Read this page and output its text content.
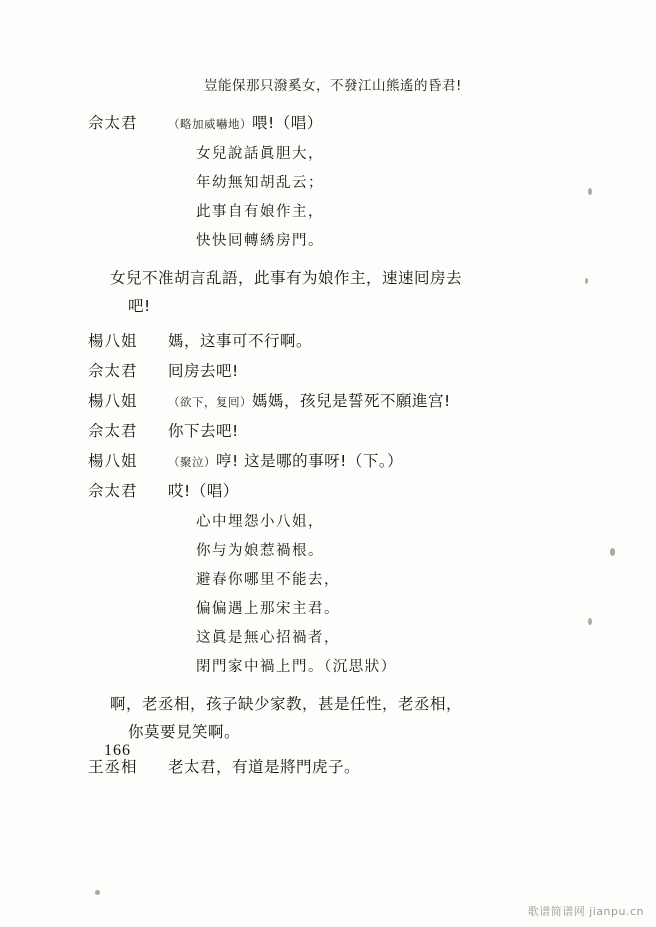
豈能保那只潑奚女，不發江山熊遙的昏君!
佘太君	（略加威嚇地）喂!（唱）
女兒說話眞胆大，
年幼無知胡乱云；
此事自有娘作主，
快快囘轉綉房門。
女兒不准胡言乱語，此事有为娘作主，速速囘房去
吧!
楊八姐	媽，这事可不行啊。
佘太君	囘房去吧!
楊八姐	（欲下，复囘）媽媽，孩兒是誓死不願進宫!
佘太君	你下去吧!
楊八姐	（聚泣）哼! 这是哪的事呀!（下。）
佘太君	哎!（唱）
心中埋怨小八姐，
你与为娘惹禍根。
避春你哪里不能去，
偏偏遇上那宋主君。
这眞是無心招禍者，
閉門家中禍上門。（沉思狀）
啊，老丞相，孩子缺少家教，甚是任性，老丞相，
你莫要見笑啊。
王丞相	老太君，有道是將門虎子。
166
歌谱简谱网 jianpu.cn
